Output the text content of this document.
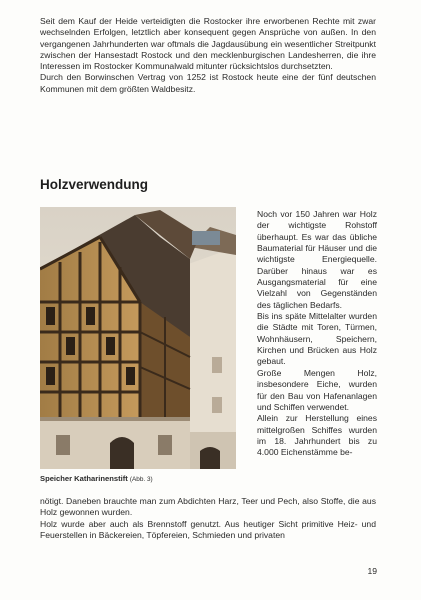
Seit dem Kauf der Heide verteidigten die Rostocker ihre erworbenen Rechte mit zwar wechselnden Erfolgen, letztlich aber konsequent gegen Ansprüche von außen. In den vergangenen Jahrhunderten war oftmals die Jagdausübung ein wesentlicher Streitpunkt zwischen der Hansestadt Rostock und den mecklenburgischen Landesherren, die ihre Interessen im Rostocker Kommunalwald mitunter rücksichtslos durchsetzten.

Durch den Borwinschen Vertrag von 1252 ist Rostock heute eine der fünf deutschen Kommunen mit dem größten Waldbesitz.

Holzverwendung
Speicher Katharinenstift (Abb. 3)

Noch vor 150 Jahren war Holz der wichtigste Rohstoff überhaupt. Es war das übliche Baumaterial für Häuser und die wichtigste Energiequelle. Darüber hinaus war es Ausgangsmaterial für eine Vielzahl von Gegenständen des täglichen Bedarfs.

Bis ins späte Mittelalter wurden die Städte mit Toren, Türmen, Wohnhäusern, Speichern, Kirchen und Brücken aus Holz gebaut.

Große Mengen Holz, insbesondere Eiche, wurden für den Bau von Hafenanlagen und Schiffen verwendet.

Allein zur Herstellung eines mittelgroßen Schiffes wurden im 18. Jahrhundert bis zu 4.000 Eichenstämme be-

nötigt. Daneben brauchte man zum Abdichten Harz, Teer und Pech, also Stoffe, die aus Holz gewonnen wurden.

Holz wurde aber auch als Brennstoff genutzt. Aus heutiger Sicht primitive Heiz- und Feuerstellen in Bäckereien, Töpfereien, Schmieden und privaten

19
